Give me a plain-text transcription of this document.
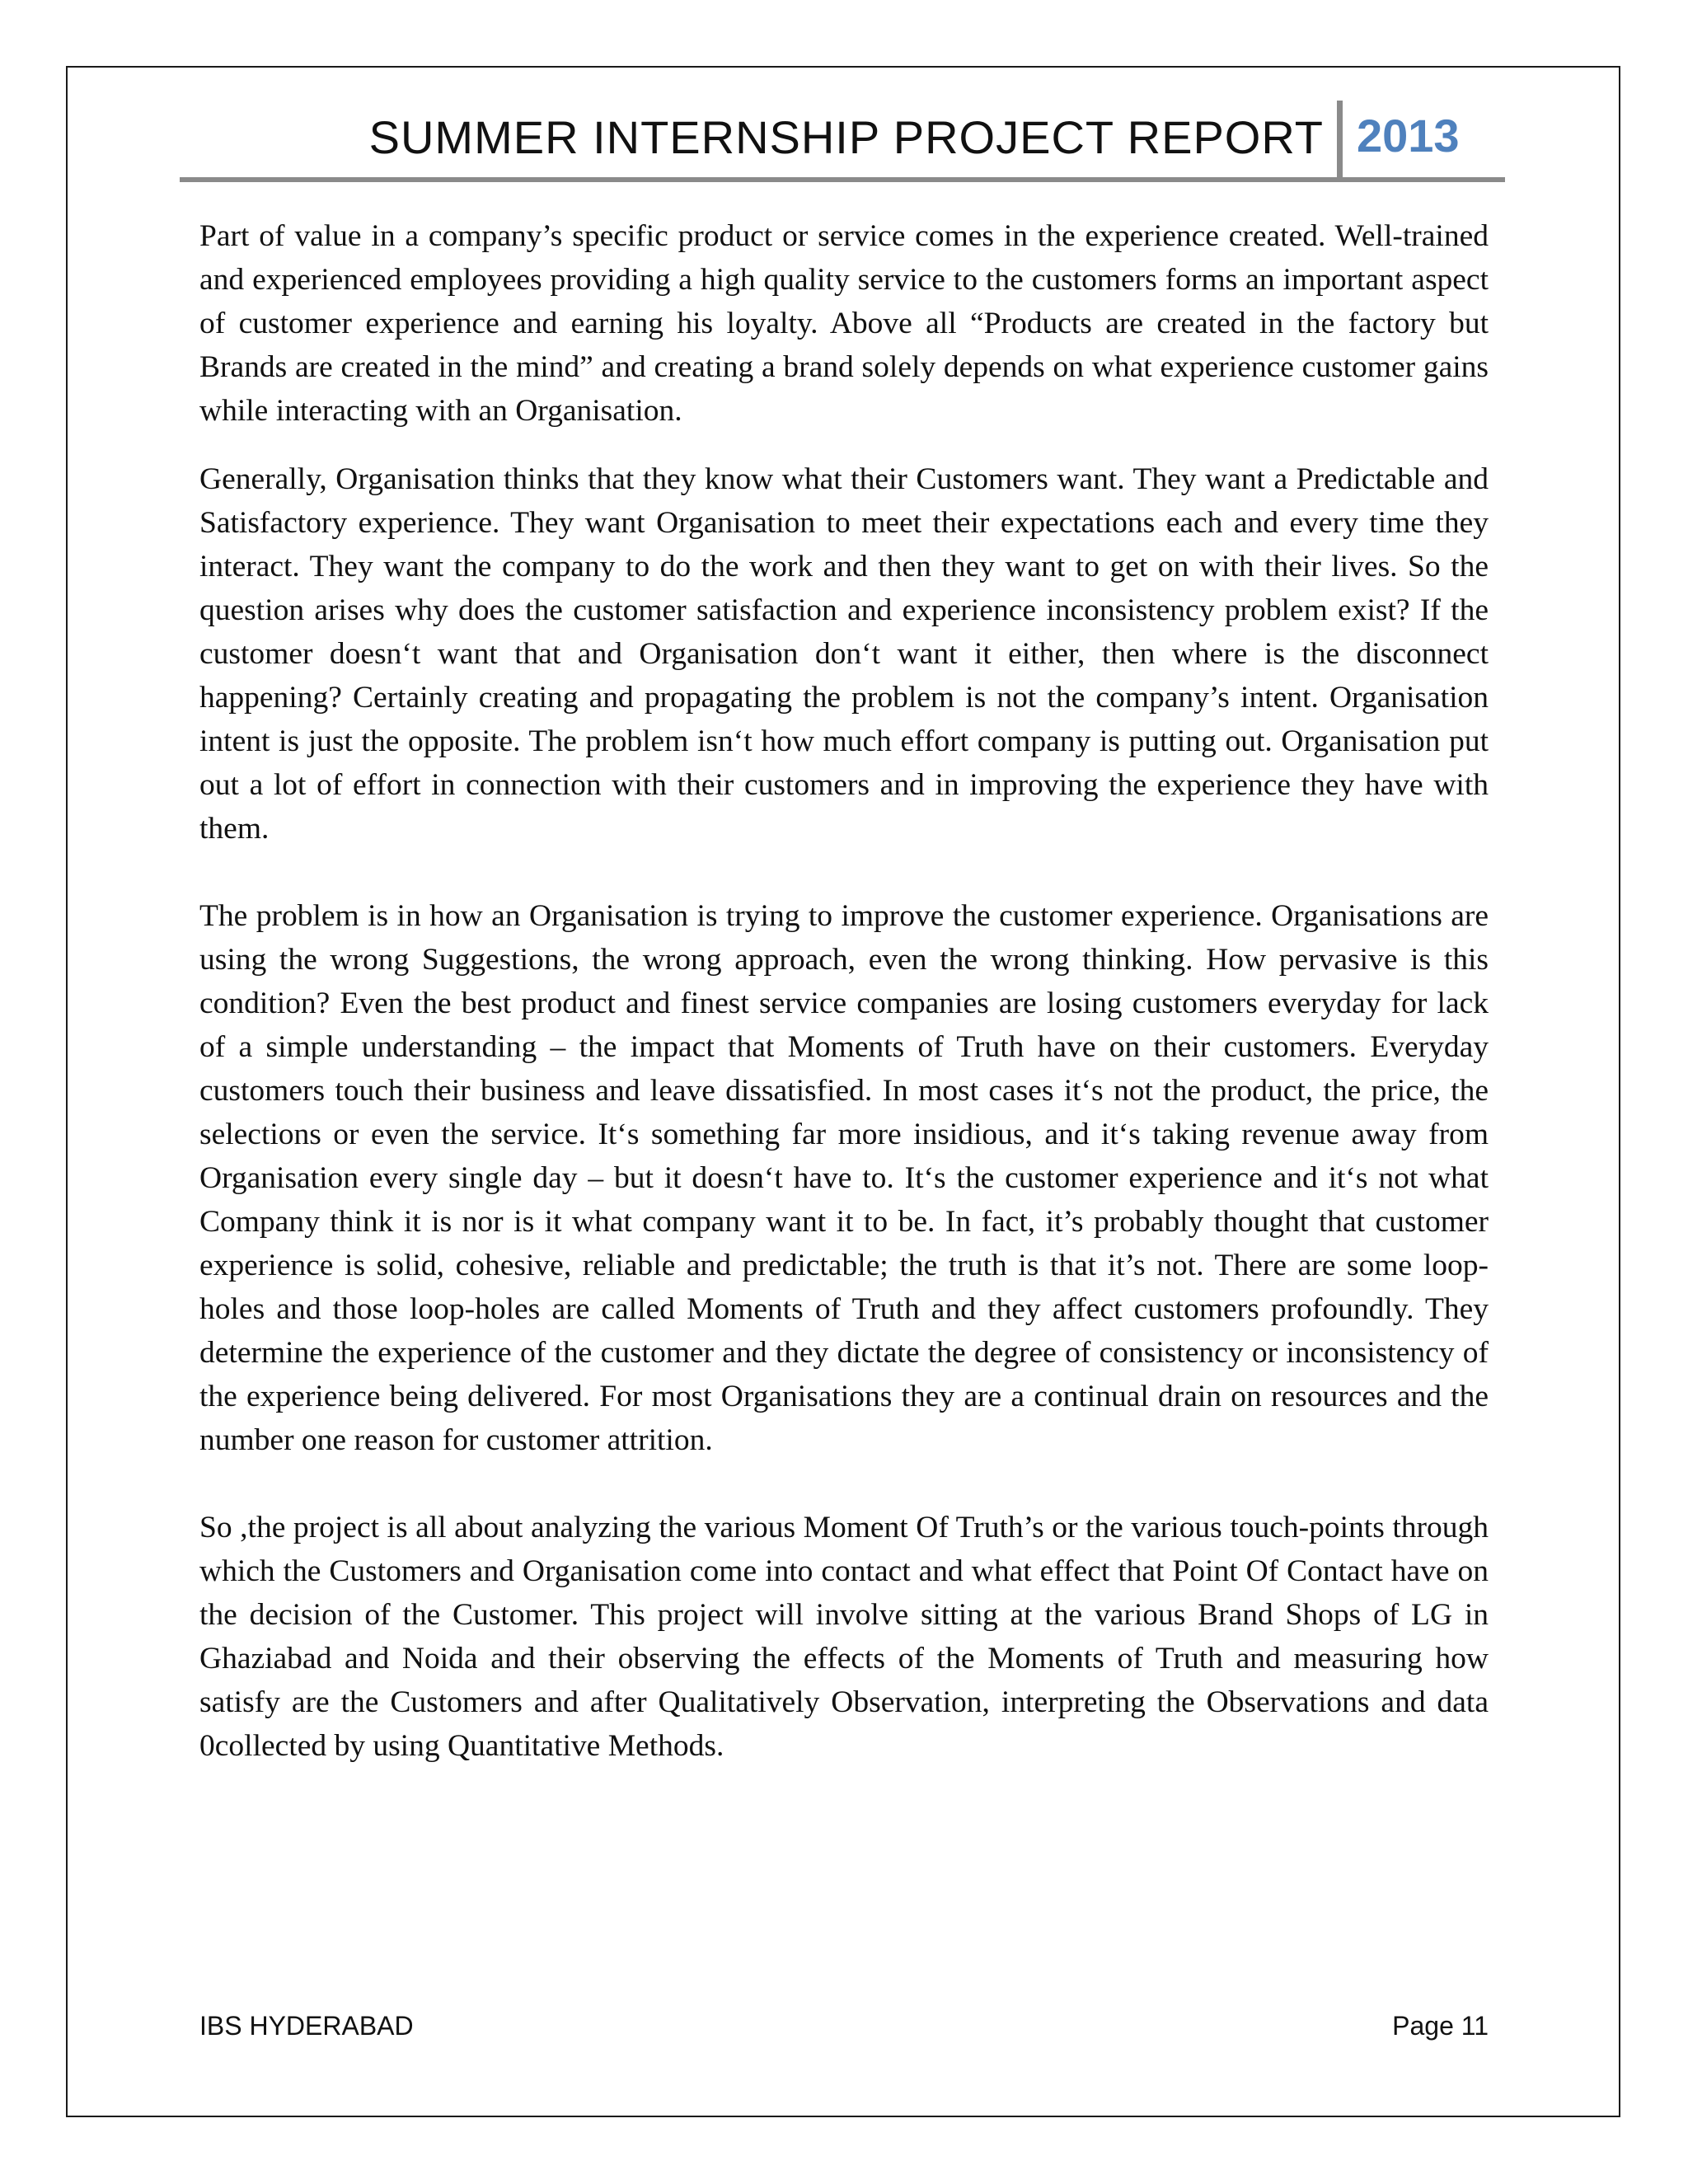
SUMMER INTERNSHIP PROJECT REPORT 2013

Part of value in a company’s specific product or service comes in the experience created. Well-trained and experienced employees providing a high quality service to the customers forms an important aspect of customer experience and earning his loyalty. Above all “Products are created in the factory but Brands are created in the mind” and creating a brand solely depends on what experience customer gains while interacting with an Organisation.

Generally, Organisation thinks that they know what their Customers want. They want a Predictable and Satisfactory experience. They want Organisation to meet their expectations each and every time they interact. They want the company to do the work and then they want to get on with their lives. So the question arises why does the customer satisfaction and experience inconsistency problem exist? If the customer doesn‘t want that and Organisation don‘t want it either, then where is the disconnect happening? Certainly creating and propagating the problem is not the company’s intent. Organisation intent is just the opposite. The problem isn‘t how much effort company is putting out. Organisation put out a lot of effort in connection with their customers and in improving the experience they have with them.

The problem is in how an Organisation is trying to improve the customer experience. Organisations are using the wrong Suggestions, the wrong approach, even the wrong thinking. How pervasive is this condition? Even the best product and finest service companies are losing customers everyday for lack of a simple understanding – the impact that Moments of Truth have on their customers. Everyday customers touch their business and leave dissatisfied. In most cases it‘s not the product, the price, the selections or even the service. It‘s something far more insidious, and it‘s taking revenue away from Organisation every single day – but it doesn‘t have to. It‘s the customer experience and it‘s not what Company think it is nor is it what company want it to be. In fact, it’s probably thought that customer experience is solid, cohesive, reliable and predictable; the truth is that it’s not. There are some loop-holes and those loop-holes are called Moments of Truth and they affect customers profoundly. They determine the experience of the customer and they dictate the degree of consistency or inconsistency of the experience being delivered. For most Organisations they are a continual drain on resources and the number one reason for customer attrition.

So ,the project is all about analyzing the various Moment Of Truth’s or the various touch-points through which the Customers and Organisation come into contact and what effect that Point Of Contact have on the decision of the Customer. This project will involve sitting at the various Brand Shops of LG in Ghaziabad and Noida and their observing the effects of the Moments of Truth and measuring how satisfy are the Customers and after Qualitatively Observation, interpreting the Observations and data 0collected by using Quantitative Methods.

IBS HYDERABAD	Page 11
